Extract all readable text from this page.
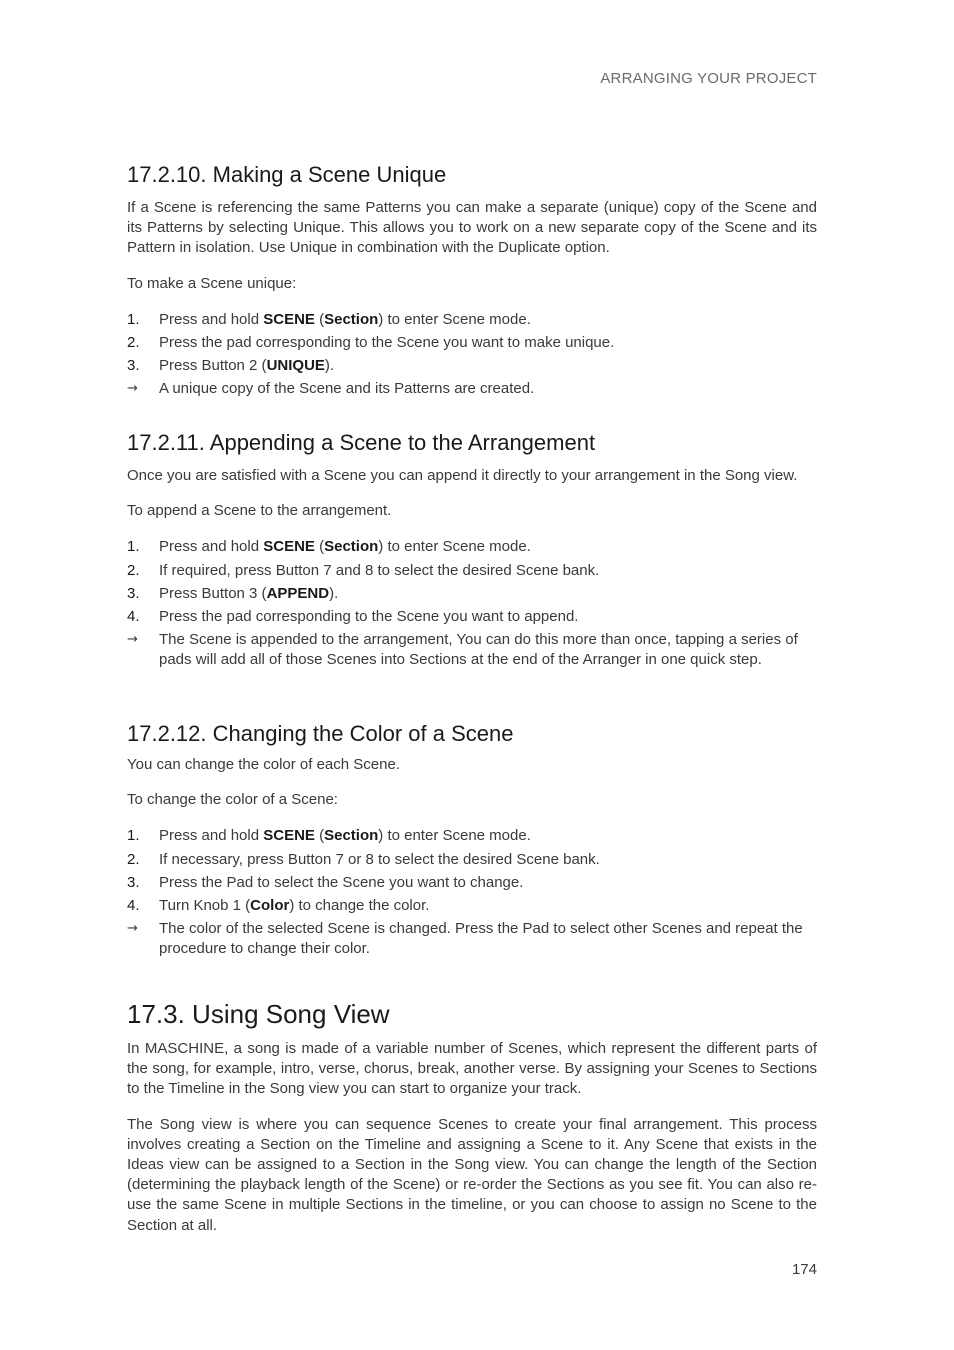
ARRANGING YOUR PROJECT
17.2.10. Making a Scene Unique

If a Scene is referencing the same Patterns you can make a separate (unique) copy of the Scene and its Patterns by selecting Unique. This allows you to work on a new separate copy of the Scene and its Pattern in isolation. Use Unique in combination with the Duplicate option.

To make a Scene unique:

1. Press and hold SCENE (Section) to enter Scene mode.
2. Press the pad corresponding to the Scene you want to make unique.
3. Press Button 2 (UNIQUE).
→ A unique copy of the Scene and its Patterns are created.
17.2.11. Appending a Scene to the Arrangement

Once you are satisfied with a Scene you can append it directly to your arrangement in the Song view.

To append a Scene to the arrangement.

1. Press and hold SCENE (Section) to enter Scene mode.
2. If required, press Button 7 and 8 to select the desired Scene bank.
3. Press Button 3 (APPEND).
4. Press the pad corresponding to the Scene you want to append.
→ The Scene is appended to the arrangement, You can do this more than once, tapping a series of pads will add all of those Scenes into Sections at the end of the Arranger in one quick step.
17.2.12. Changing the Color of a Scene

You can change the color of each Scene.

To change the color of a Scene:

1. Press and hold SCENE (Section) to enter Scene mode.
2. If necessary, press Button 7 or 8 to select the desired Scene bank.
3. Press the Pad to select the Scene you want to change.
4. Turn Knob 1 (Color) to change the color.
→ The color of the selected Scene is changed. Press the Pad to select other Scenes and repeat the procedure to change their color.
17.3. Using Song View

In MASCHINE, a song is made of a variable number of Scenes, which represent the different parts of the song, for example, intro, verse, chorus, break, another verse. By assigning your Scenes to Sections to the Timeline in the Song view you can start to organize your track.

The Song view is where you can sequence Scenes to create your final arrangement. This process involves creating a Section on the Timeline and assigning a Scene to it. Any Scene that exists in the Ideas view can be assigned to a Section in the Song view. You can change the length of the Section (determining the playback length of the Scene) or re-order the Sections as you see fit. You can also re-use the same Scene in multiple Sections in the timeline, or you can choose to assign no Scene to the Section at all.

174
